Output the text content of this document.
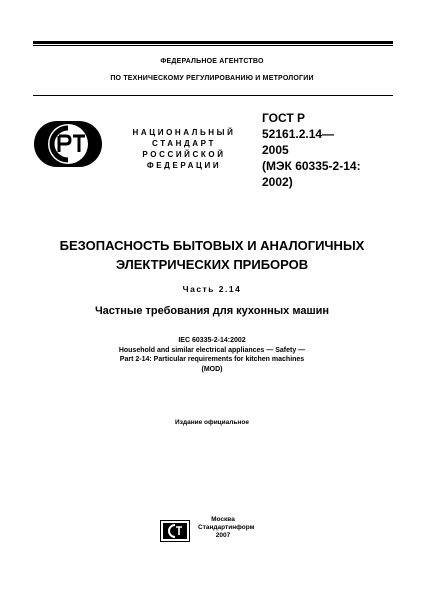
ФЕДЕРАЛЬНОЕ АГЕНТСТВО
ПО ТЕХНИЧЕСКОМУ РЕГУЛИРОВАНИЮ И МЕТРОЛОГИИ
НАЦИОНАЛЬНЫЙ
СТАНДАРТ
РОССИЙСКОЙ
ФЕДЕРАЦИИ
ГОСТ Р
52161.2.14—
2005
(МЭК 60335-2-14:
2002)
БЕЗОПАСНОСТЬ БЫТОВЫХ И АНАЛОГИЧНЫХ
ЭЛЕКТРИЧЕСКИХ ПРИБОРОВ
Часть 2.14
Частные требования для кухонных машин
IEC 60335-2-14:2002
Household and similar electrical appliances — Safety —
Part 2-14: Particular requirements for kitchen machines
(MOD)
Издание официальное
Москва
Стандартинформ
2007
